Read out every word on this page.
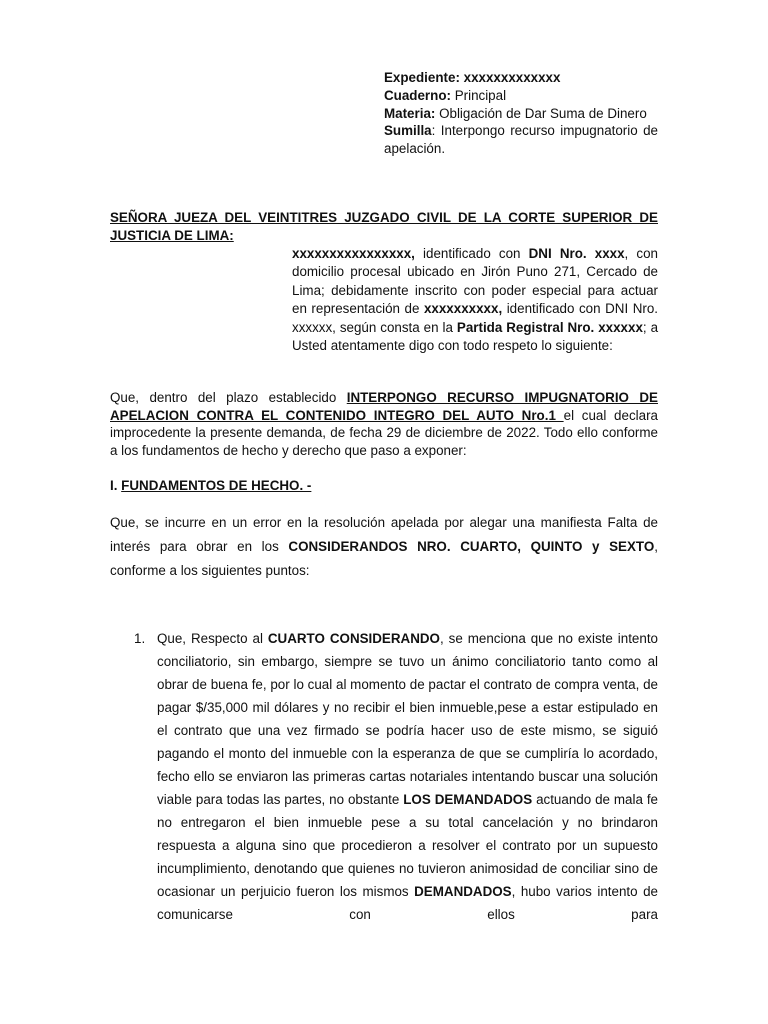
Expediente: xxxxxxxxxxxxx

Cuaderno: Principal

Materia: Obligación de Dar Suma de Dinero

Sumilla: Interpongo recurso impugnatorio de apelación.

SEÑORA JUEZA DEL VEINTITRES JUZGADO CIVIL DE LA CORTE SUPERIOR DE JUSTICIA DE LIMA:
xxxxxxxxxxxxxxxx, identificado con DNI Nro. xxxx, con domicilio procesal ubicado en Jirón Puno 271, Cercado de Lima; debidamente inscrito con poder especial para actuar en representación de xxxxxxxxxx, identificado con DNI Nro. xxxxxx, según consta en la Partida Registral Nro. xxxxxx; a Usted atentamente digo con todo respeto lo siguiente:
Que, dentro del plazo establecido INTERPONGO RECURSO IMPUGNATORIO DE APELACION CONTRA EL CONTENIDO INTEGRO DEL AUTO Nro.1 el cual declara improcedente la presente demanda, de fecha 29 de diciembre de 2022. Todo ello conforme a los fundamentos de hecho y derecho que paso a exponer:
I. FUNDAMENTOS DE HECHO. -
Que, se incurre en un error en la resolución apelada por alegar una manifiesta Falta de interés para obrar en los CONSIDERANDOS NRO. CUARTO, QUINTO y SEXTO, conforme a los siguientes puntos:
1. Que, Respecto al CUARTO CONSIDERANDO, se menciona que no existe intento conciliatorio, sin embargo, siempre se tuvo un ánimo conciliatorio tanto como al obrar de buena fe, por lo cual al momento de pactar el contrato de compra venta, de pagar $/35,000 mil dólares y no recibir el bien inmueble,pese a estar estipulado en el contrato que una vez firmado se podría hacer uso de este mismo, se siguió pagando el monto del inmueble con la esperanza de que se cumpliría lo acordado, fecho ello se enviaron las primeras cartas notariales intentando buscar una solución viable para todas las partes, no obstante LOS DEMANDADOS actuando de mala fe no entregaron el bien inmueble pese a su total cancelación y no brindaron respuesta a alguna sino que procedieron a resolver el contrato por un supuesto incumplimiento, denotando que quienes no tuvieron animosidad de conciliar sino de ocasionar un perjuicio fueron los mismos DEMANDADOS, hubo varios intento de comunicarse con ellos para
